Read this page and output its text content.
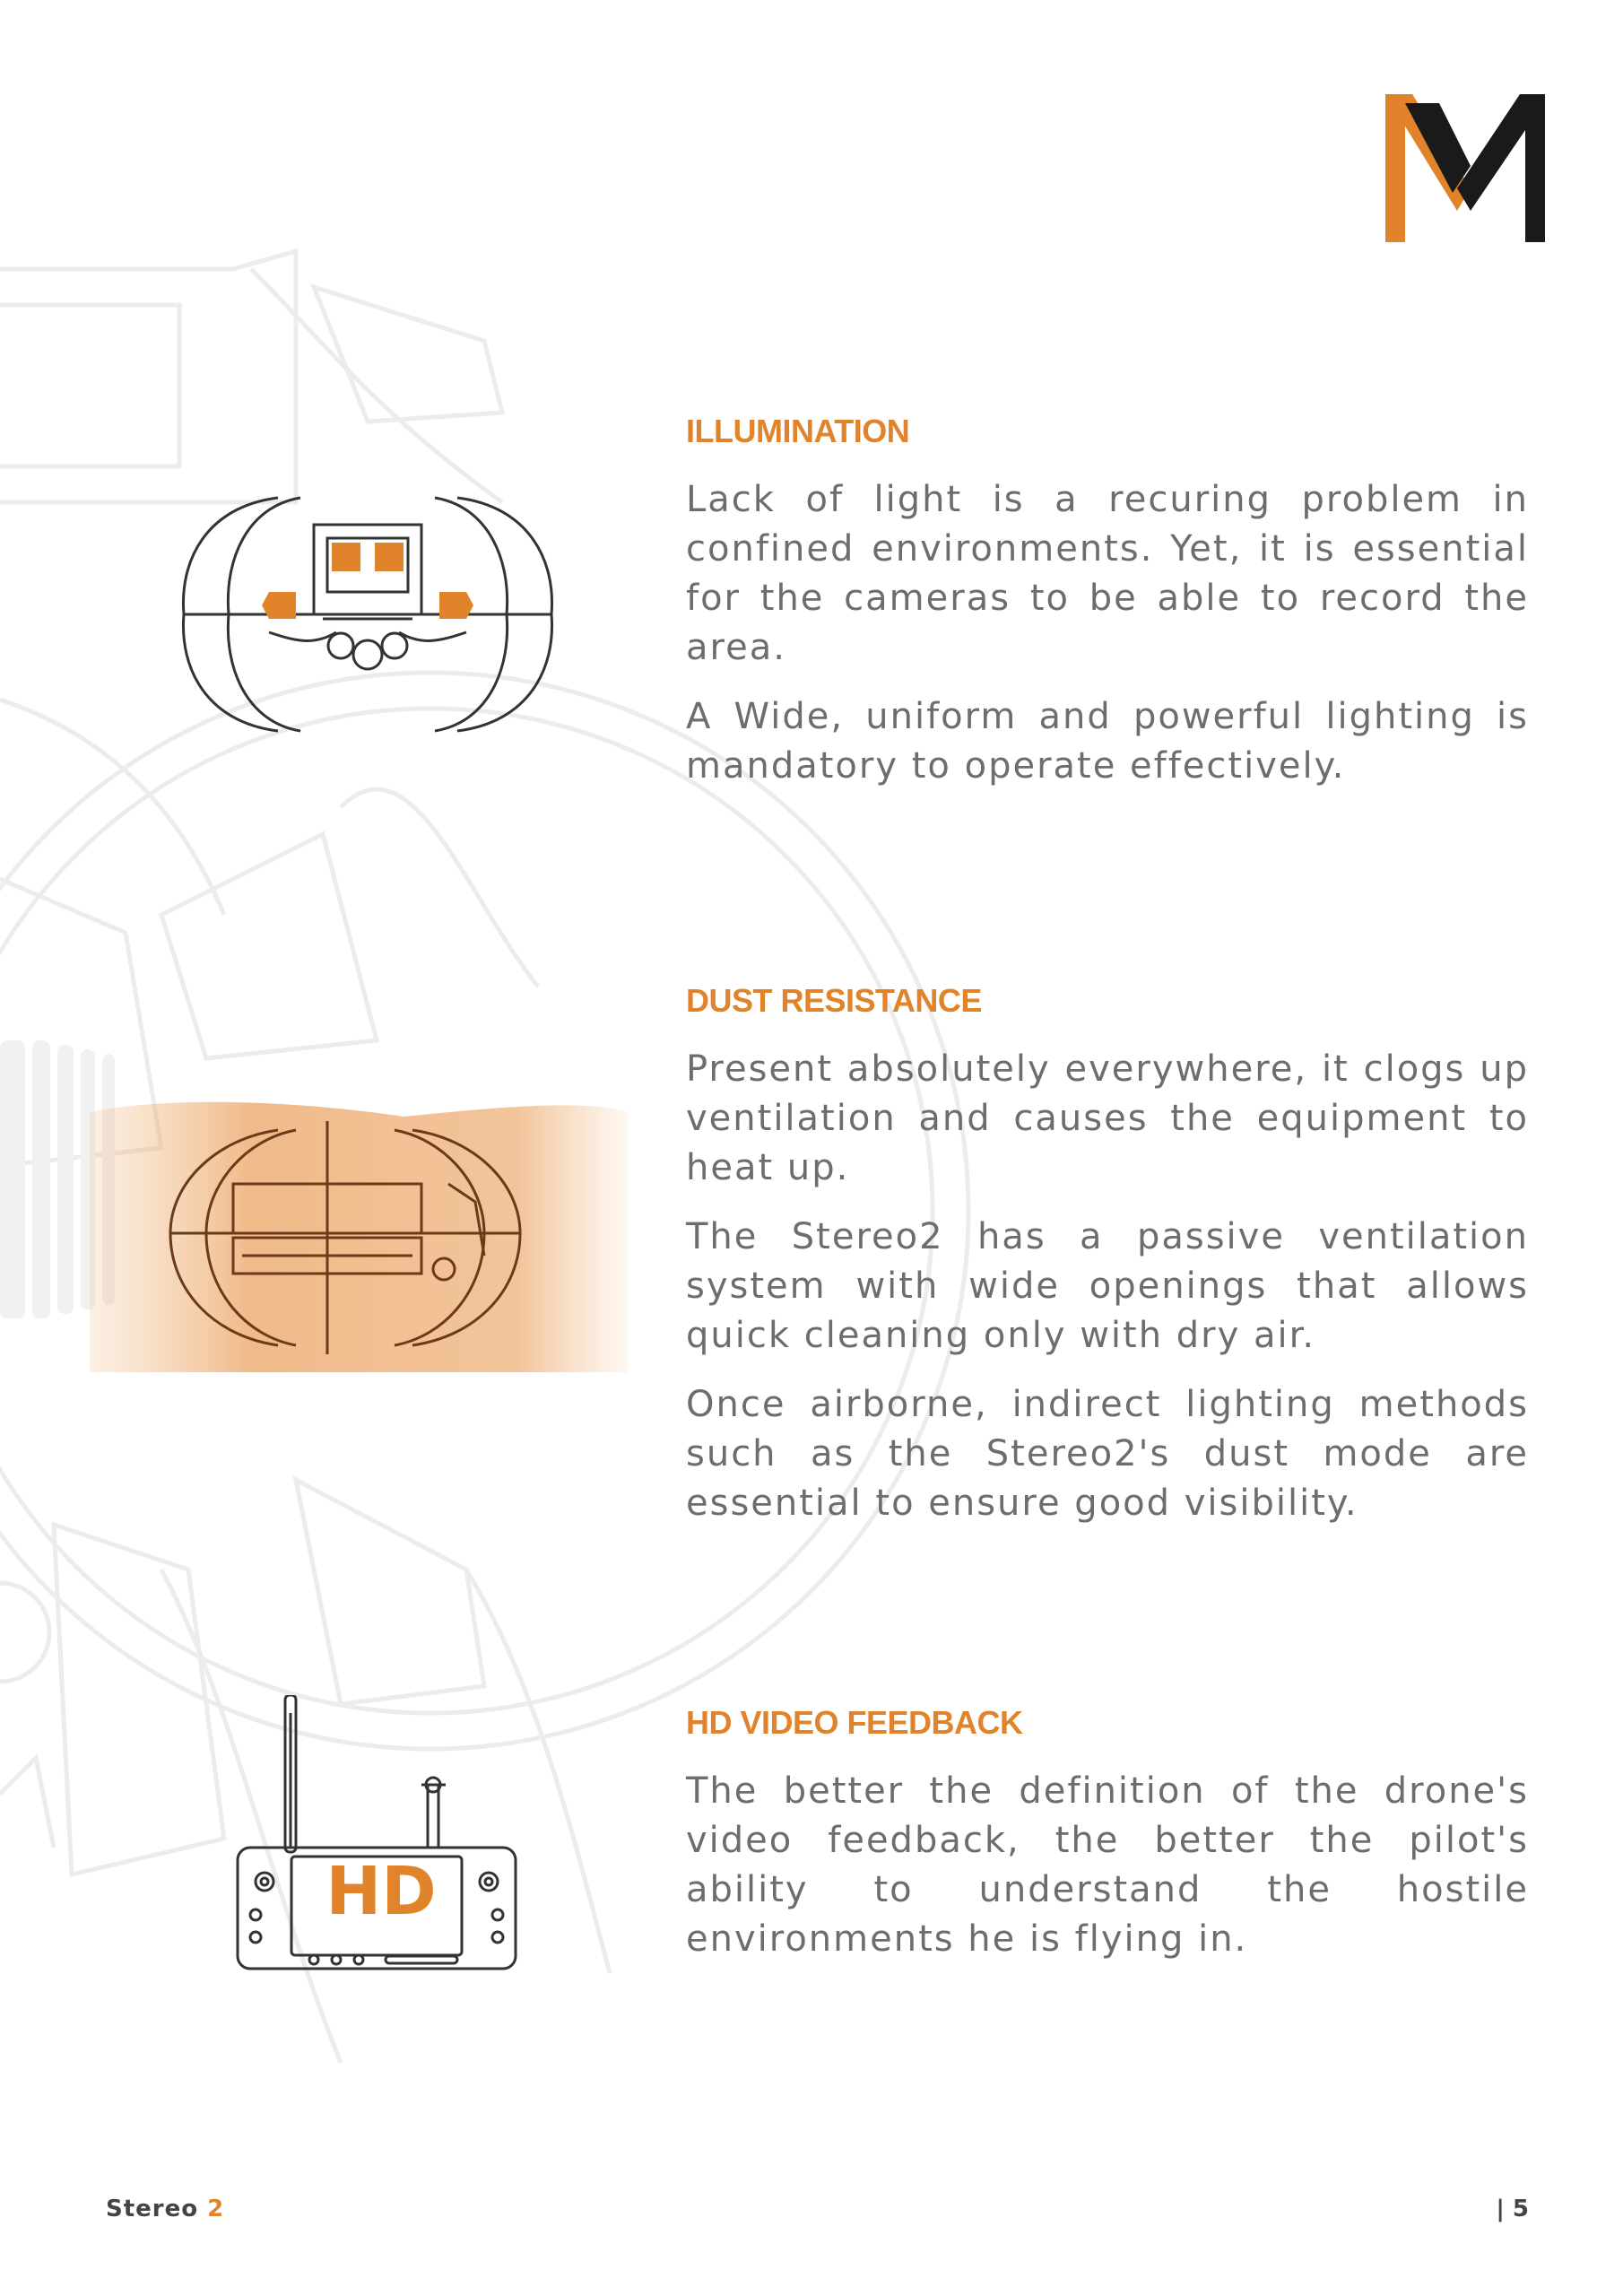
ILLUMINATION

Lack of light is a recuring problem in confined environments. Yet, it is essential for the cameras to be able to record the area.

A Wide, uniform and powerful lighting is mandatory to operate effectively.

DUST RESISTANCE

Present absolutely everywhere, it clogs up ventilation and causes the equipment to heat up.

The Stereo2 has a passive ventilation system with wide openings that allows quick cleaning only with dry air.

Once airborne, indirect lighting methods such as the Stereo2's dust mode are essential to ensure good visibility.

HD
HD VIDEO FEEDBACK

The better the definition of the drone's video feedback, the better the pilot's ability to understand the hostile environments he is flying in.

Stereo 2	| 5
